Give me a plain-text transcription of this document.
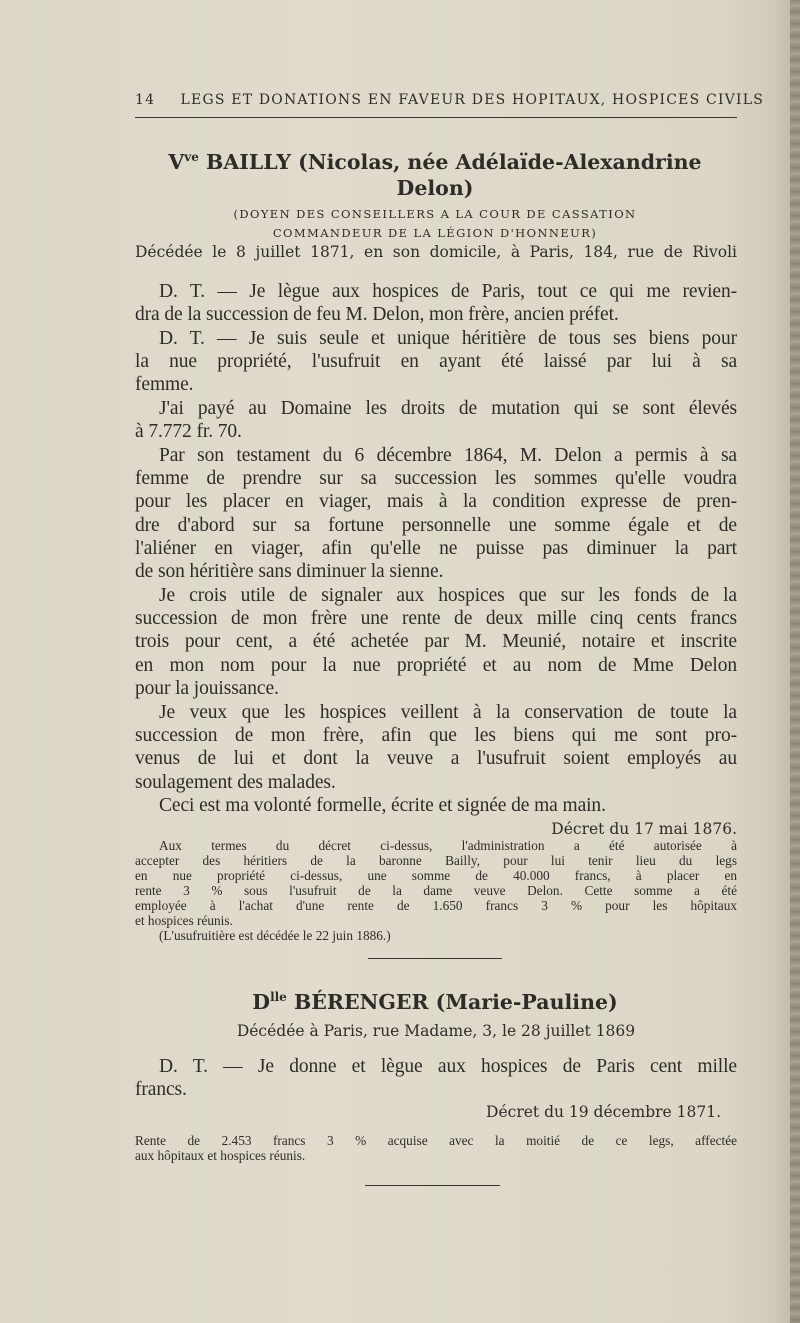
14 LEGS ET DONATIONS EN FAVEUR DES HOPITAUX, HOSPICES CIVILS
$V^{ve}$ BAILLY (Nicolas, née Adélaïde-Alexandrine
Delon)
(DOYEN DES CONSEILLERS A LA COUR DE CASSATION
COMMANDEUR DE LA LÉGION D'HONNEUR)
Décédée le 8 juillet 1871, en son domicile, à Paris, 184, rue de Rivoli
D. T. — Je lègue aux hospices de Paris, tout ce qui me revien-
dra de la succession de feu M. Delon, mon frère, ancien préfet.
D. T. — Je suis seule et unique héritière de tous ses biens pour
la nue propriété, l'usufruit en ayant été laissé par lui à sa
femme.
J'ai payé au Domaine les droits de mutation qui se sont élevés
à 7.772 fr. 70.
Par son testament du 6 décembre 1864, M. Delon a permis à sa
femme de prendre sur sa succession les sommes qu'elle voudra
pour les placer en viager, mais à la condition expresse de pren-
dre d'abord sur sa fortune personnelle une somme égale et de
l'aliéner en viager, afin qu'elle ne puisse pas diminuer la part
de son héritière sans diminuer la sienne.
Je crois utile de signaler aux hospices que sur les fonds de la
succession de mon frère une rente de deux mille cinq cents francs
trois pour cent, a été achetée par M. Meunié, notaire et inscrite
en mon nom pour la nue propriété et au nom de Mme Delon
pour la jouissance.
Je veux que les hospices veillent à la conservation de toute la
succession de mon frère, afin que les biens qui me sont pro-
venus de lui et dont la veuve a l'usufruit soient employés au
soulagement des malades.
Ceci est ma volonté formelle, écrite et signée de ma main.
Décret du 17 mai 1876.
Aux termes du décret ci-dessus, l'administration a été autorisée à
accepter des héritiers de la baronne Bailly, pour lui tenir lieu du legs
en nue propriété ci-dessus, une somme de 40.000 francs, à placer en
rente 3 % sous l'usufruit de la dame veuve Delon. Cette somme a été
employée à l'achat d'une rente de 1.650 francs 3 % pour les hôpitaux
et hospices réunis.
(L'usufruitière est décédée le 22 juin 1886.)
$D^{lle}$ BÉRENGER (Marie-Pauline)
Décédée à Paris, rue Madame, 3, le 28 juillet 1869
D. T. — Je donne et lègue aux hospices de Paris cent mille
francs.
Décret du 19 décembre 1871.
Rente de 2.453 francs 3 % acquise avec la moitié de ce legs, affectée
aux hôpitaux et hospices réunis.
